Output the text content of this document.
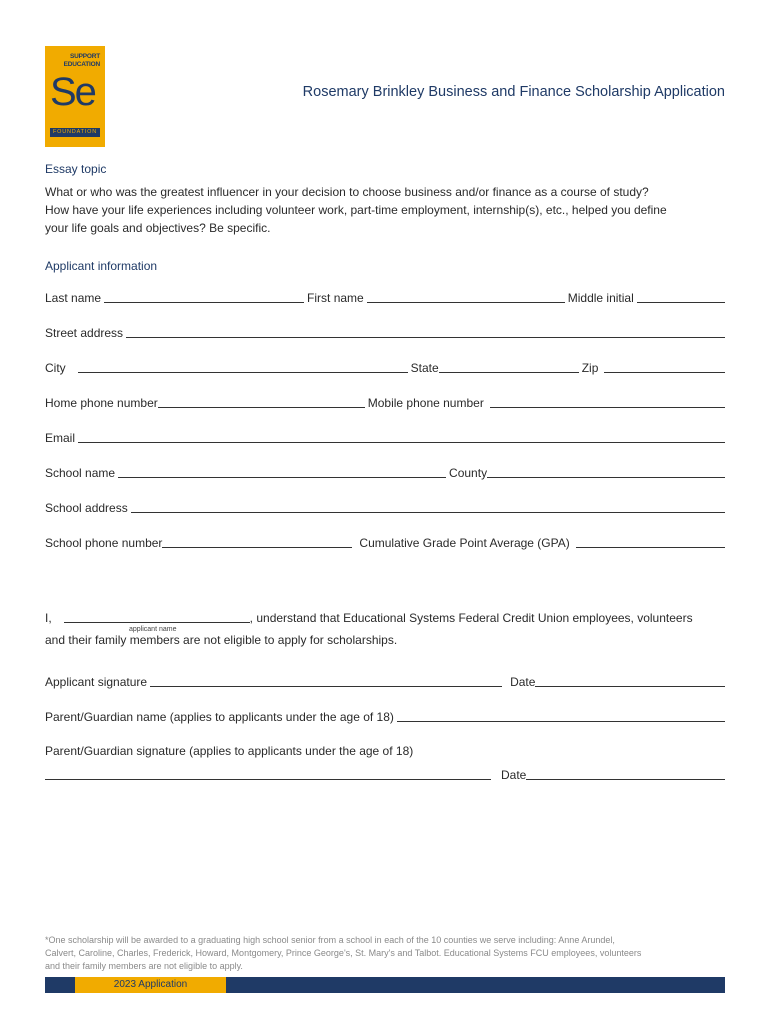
SUPPORT
EDUCATION
Se
FOUNDATION
Rosemary Brinkley Business and Finance Scholarship Application
Essay topic
What or who was the greatest influencer in your decision to choose business and/or finance as a course of study?
How have your life experiences including volunteer work, part-time employment, internship(s), etc., helped you define
your life goals and objectives? Be specific.
Applicant information
Last name	First name	Middle initial
Street address
City	State	Zip
Home phone number	Mobile phone number
Email
School name	County
School address
School phone number	Cumulative Grade Point Average (GPA)
I,	, understand that Educational Systems Federal Credit Union employees, volunteers
applicant name
and their family members are not eligible to apply for scholarships.
Applicant signature	Date
Parent/Guardian name (applies to applicants under the age of 18)
Parent/Guardian signature (applies to applicants under the age of 18)
Date
*One scholarship will be awarded to a graduating high school senior from a school in each of the 10 counties we serve including: Anne Arundel,
Calvert, Caroline, Charles, Frederick, Howard, Montgomery, Prince George's, St. Mary's and Talbot. Educational Systems FCU employees, volunteers
and their family members are not eligible to apply.
2023 Application
